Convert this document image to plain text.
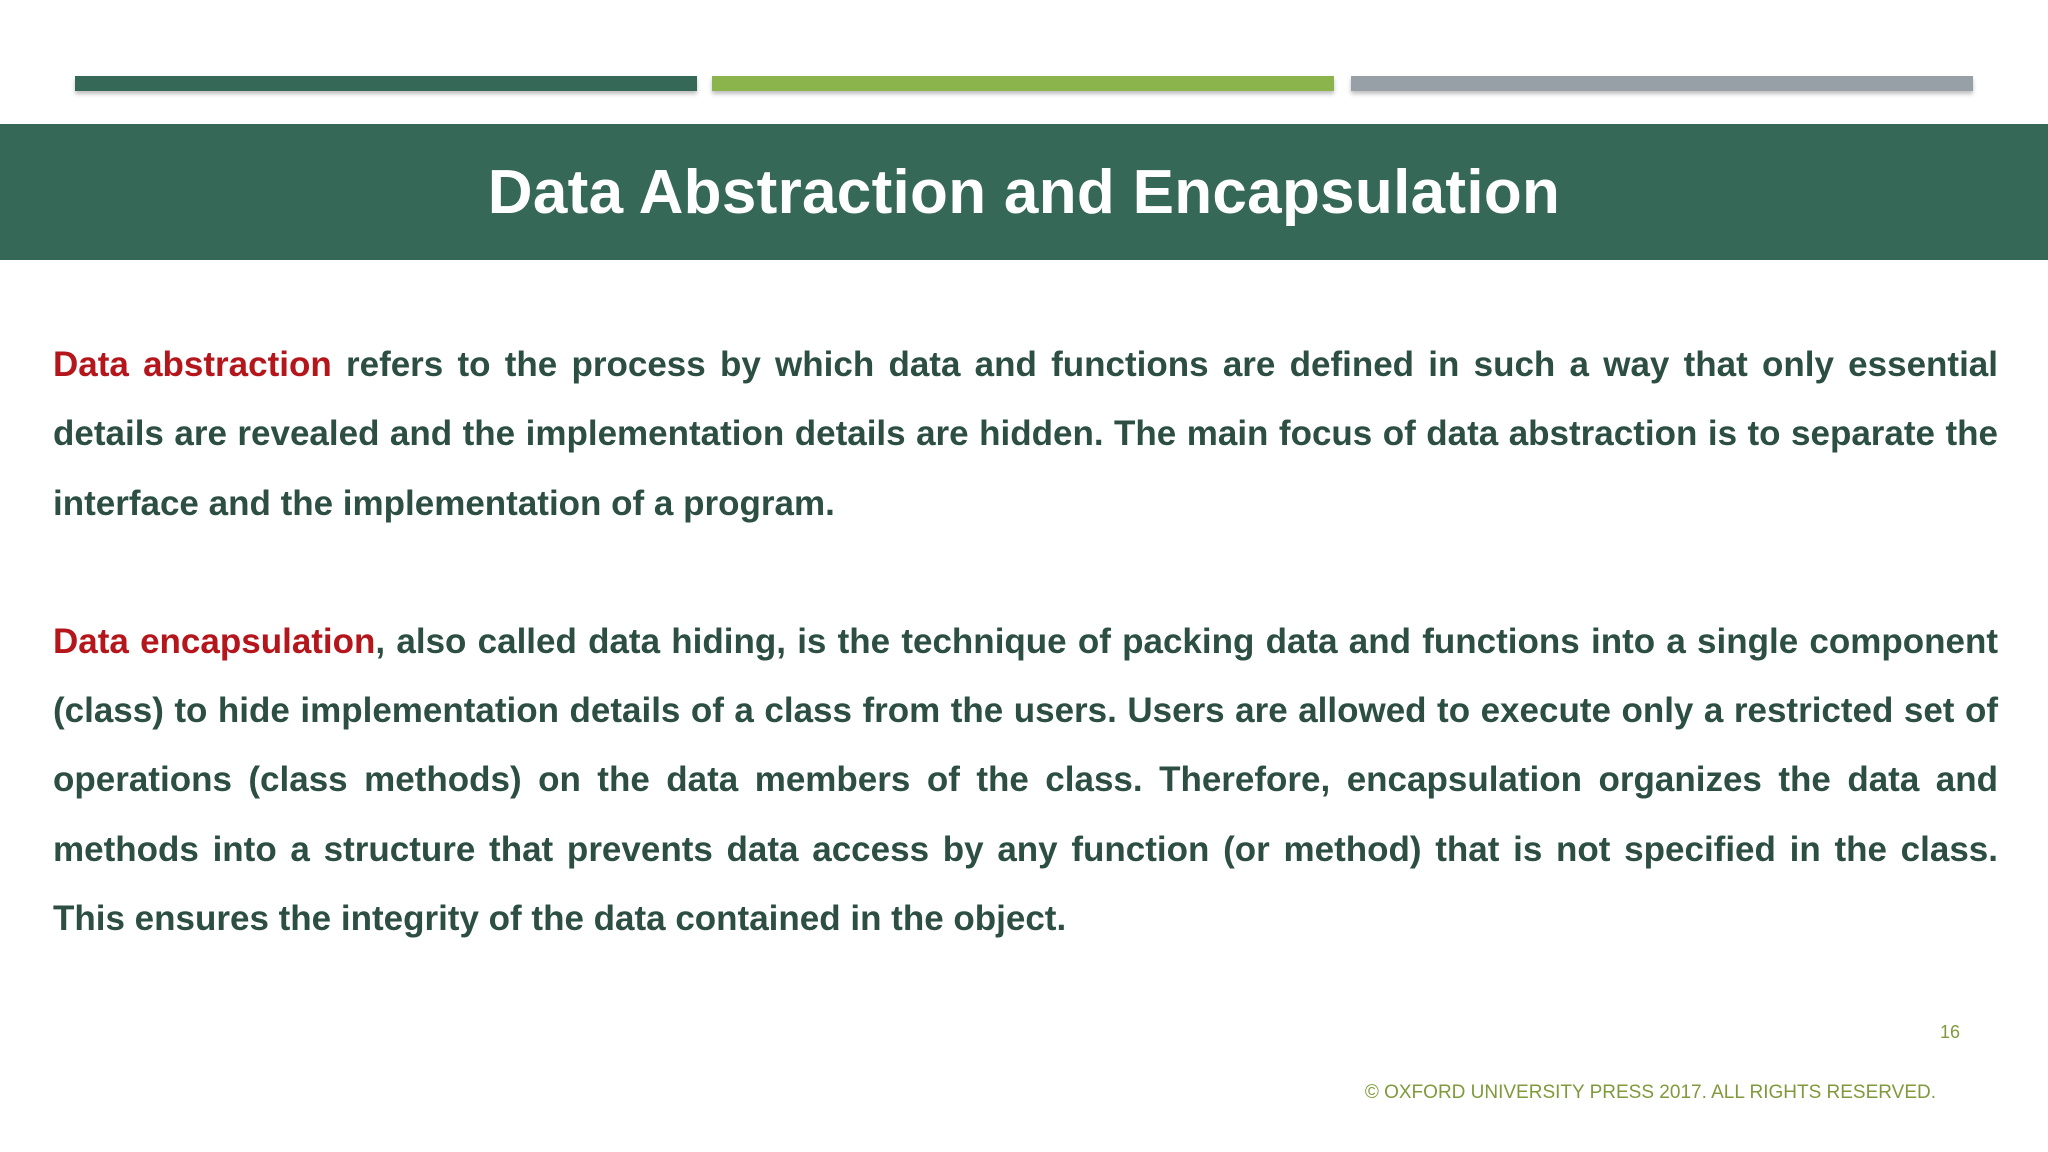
Data Abstraction and Encapsulation

Data abstraction refers to the process by which data and functions are defined in such a way that only essential details are revealed and the implementation details are hidden. The main focus of data abstraction is to separate the interface and the implementation of a program.

Data encapsulation, also called data hiding, is the technique of packing data and functions into a single component (class) to hide implementation details of a class from the users. Users are allowed to execute only a restricted set of operations (class methods) on the data members of the class. Therefore, encapsulation organizes the data and methods into a structure that prevents data access by any function (or method) that is not specified in the class. This ensures the integrity of the data contained in the object.

16
© OXFORD UNIVERSITY PRESS 2017. ALL RIGHTS RESERVED.
